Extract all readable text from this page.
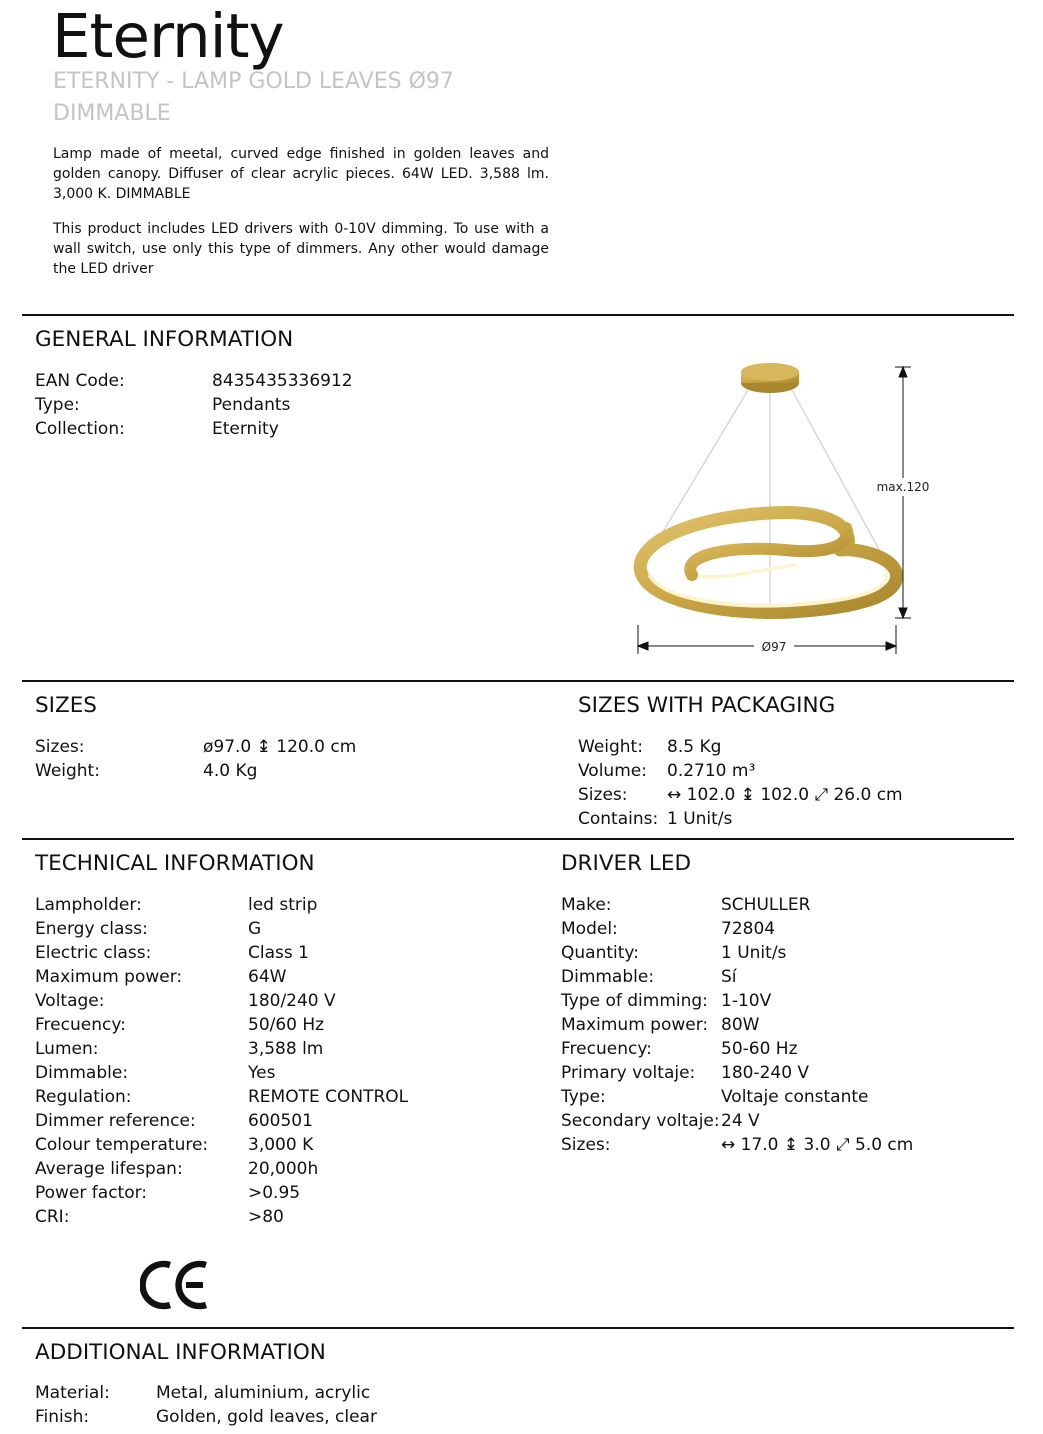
Eternity
ETERNITY - LAMP GOLD LEAVES Ø97 DIMMABLE

Lamp made of meetal, curved edge finished in golden leaves and golden canopy. Diffuser of clear acrylic pieces. 64W LED. 3,588 lm. 3,000 K. DIMMABLE

This product includes LED drivers with 0-10V dimming. To use with a wall switch, use only this type of dimmers. Any other would damage the LED driver

GENERAL INFORMATION
EAN Code:	8435435336912
Type:	Pendants
Collection:	Eternity
max.120
Ø97
SIZES
Sizes:	ø97.0 ↨ 120.0 cm
Weight:	4.0 Kg
SIZES WITH PACKAGING
Weight:	8.5 Kg
Volume:	0.2710 m³
Sizes:	↔ 102.0 ↨ 102.0 ⤢ 26.0 cm
Contains: 1 Unit/s
TECHNICAL INFORMATION
Lampholder:	led strip
Energy class:	G
Electric class:	Class 1
Maximum power:	64W
Voltage:	180/240 V
Frecuency:	50/60 Hz
Lumen:	3,588 lm
Dimmable:	Yes
Regulation:	REMOTE CONTROL
Dimmer reference:	600501
Colour temperature:	3,000 K
Average lifespan:	20,000h
Power factor:	>0.95
CRI:	>80
DRIVER LED
Make:	SCHULLER
Model:	72804
Quantity:	1 Unit/s
Dimmable:	Sí
Type of dimming: 1-10V
Maximum power: 80W
Frecuency:	50-60 Hz
Primary voltaje:	180-240 V
Type:	Voltaje constante
Secondary voltaje: 24 V
Sizes:	↔ 17.0 ↨ 3.0 ⤢ 5.0 cm
ADDITIONAL INFORMATION
Material:	Metal, aluminium, acrylic
Finish:	Golden, gold leaves, clear
